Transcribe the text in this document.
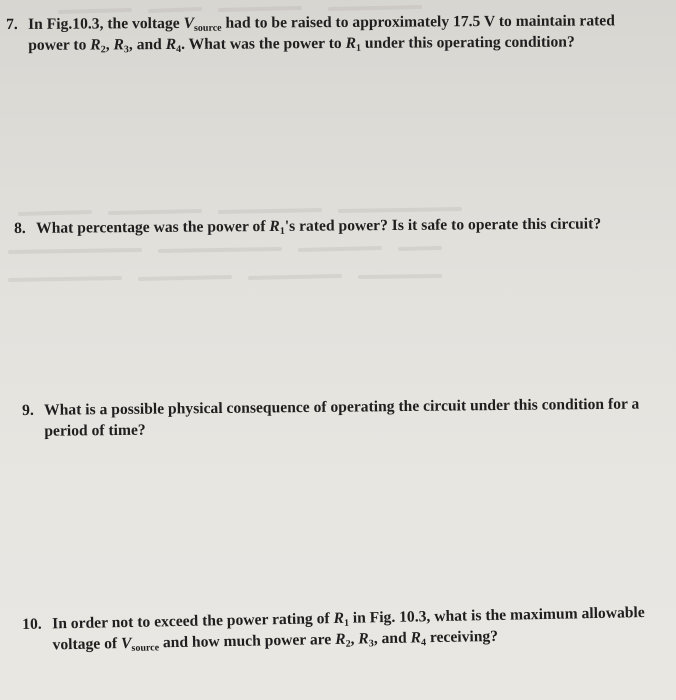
7. In Fig.10.3, the voltage $V_{source}$ had to be raised to approximately 17.5 V to maintain rated
power to $R_2$, $R_3$, and $R_4$. What was the power to $R_1$ under this operating condition?
8. What percentage was the power of $R_1's$ rated power? Is it safe to operate this circuit?
9. What is a possible physical consequence of operating the circuit under this condition for a
period of time?
10. In order not to exceed the power rating of $R_1$ in Fig. 10.3, what is the maximum allowable
voltage of $V_{source}$ and how much power are $R_2$, $R_3$, and $R_4$ receiving?
